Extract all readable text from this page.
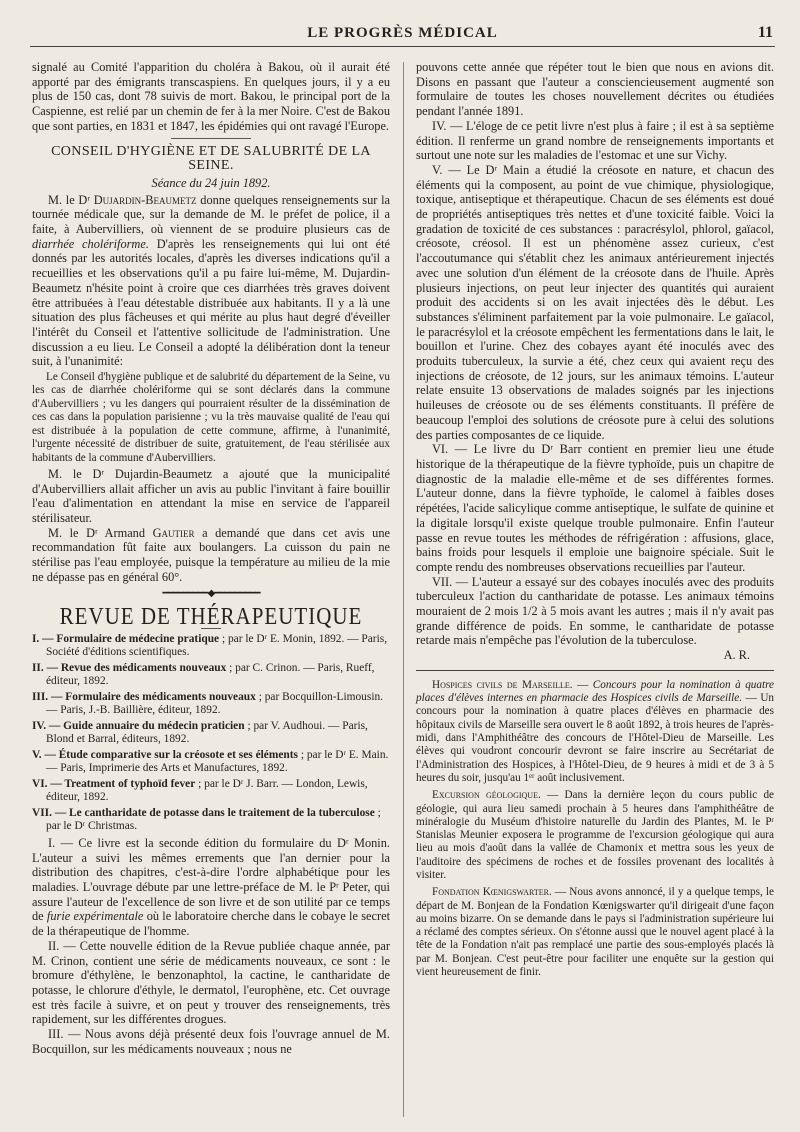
LE PROGRÈS MÉDICAL	11

signalé au Comité l'apparition du choléra à Bakou, où il aurait été apporté par des émigrants transcaspiens. En quelques jours, il y a eu plus de 150 cas, dont 78 suivis de mort. Bakou, le principal port de la Caspienne, est relié par un chemin de fer à la mer Noire. C'est de Bakou que sont parties, en 1831 et 1847, les épidémies qui ont ravagé l'Europe.

CONSEIL D'HYGIÈNE ET DE SALUBRITÉ DE LA SEINE.
Séance du 24 juin 1892.

M. le Dʳ Dujardin-Beaumetz donne quelques renseignements sur la tournée médicale que, sur la demande de M. le préfet de police, il a faite, à Aubervilliers, où viennent de se produire plusieurs cas de diarrhée cholériforme. D'après les renseignements qui lui ont été donnés par les autorités locales, d'après les diverses indications qu'il a recueillies et les observations qu'il a pu faire lui-même, M. Dujardin-Beaumetz n'hésite point à croire que ces diarrhées très graves doivent être attribuées à l'eau détestable distribuée aux habitants. Il y a là une situation des plus fâcheuses et qui mérite au plus haut degré d'éveiller l'intérêt du Conseil et l'attentive sollicitude de l'administration. Une discussion a eu lieu. Le Conseil a adopté la délibération dont la teneur suit, à l'unanimité:

Le Conseil d'hygiène publique et de salubrité du département de la Seine, vu les cas de diarrhée cholériforme qui se sont déclarés dans la commune d'Aubervilliers ; vu les dangers qui pourraient résulter de la dissémination de ces cas dans la population parisienne ; vu la très mauvaise qualité de l'eau qui est distribuée à la population de cette commune, affirme, à l'unanimité, l'urgente nécessité de distribuer de suite, gratuitement, de l'eau stérilisée aux habitants de la commune d'Aubervilliers.

M. le Dʳ Dujardin-Beaumetz a ajouté que la municipalité d'Aubervilliers allait afficher un avis au public l'invitant à faire bouillir l'eau d'alimentation en attendant la mise en service de l'appareil stérilisateur.

M. le Dʳ Armand Gautier a demandé que dans cet avis une recommandation fût faite aux boulangers. La cuisson du pain ne stérilise pas l'eau employée, puisque la température au milieu de la mie ne dépasse pas en général 60°.

━━━━━━━━━◆━━━━━━━━━
REVUE DE THÉRAPEUTIQUE

I. — Formulaire de médecine pratique ; par le Dʳ E. Monin, 1892. — Paris, Société d'éditions scientifiques.

II. — Revue des médicaments nouveaux ; par C. Crinon. — Paris, Rueff, éditeur, 1892.

III. — Formulaire des médicaments nouveaux ; par Bocquillon-Limousin. — Paris, J.-B. Baillière, éditeur, 1892.

IV. — Guide annuaire du médecin praticien ; par V. Audhoui. — Paris, Blond et Barral, éditeurs, 1892.

V. — Étude comparative sur la créosote et ses éléments ; par le Dʳ E. Main. — Paris, Imprimerie des Arts et Manufactures, 1892.

VI. — Treatment of typhoïd fever ; par le Dʳ J. Barr. — London, Lewis, éditeur, 1892.

VII. — Le cantharidate de potasse dans le traitement de la tuberculose ; par le Dʳ Christmas.

I. — Ce livre est la seconde édition du formulaire du Dʳ Monin. L'auteur a suivi les mêmes errements que l'an dernier pour la distribution des chapitres, c'est-à-dire l'ordre alphabétique pour les maladies. L'ouvrage débute par une lettre-préface de M. le Pʳ Peter, qui assure l'auteur de l'excellence de son livre et de son utilité par ce temps de furie expérimentale où le laboratoire cherche dans le cobaye le secret de la thérapeutique de l'homme.

II. — Cette nouvelle édition de la Revue publiée chaque année, par M. Crinon, contient une série de médicaments nouveaux, ce sont : le bromure d'éthylène, le benzonaphtol, la cactine, le cantharidate de potasse, le chlorure d'éthyle, le dermatol, l'europhène, etc. Cet ouvrage est très facile à suivre, et on peut y trouver des renseignements, très rapidement, sur les différentes drogues.

III. — Nous avons déjà présenté deux fois l'ouvrage annuel de M. Bocquillon, sur les médicaments nouveaux ; nous ne

pouvons cette année que répéter tout le bien que nous en avions dit. Disons en passant que l'auteur a consciencieusement augmenté son formulaire de toutes les choses nouvellement décrites ou étudiées pendant l'année 1891.

IV. — L'éloge de ce petit livre n'est plus à faire ; il est à sa septième édition. Il renferme un grand nombre de renseignements importants et surtout une note sur les maladies de l'estomac et une sur Vichy.

V. — Le Dʳ Main a étudié la créosote en nature, et chacun des éléments qui la composent, au point de vue chimique, physiologique, toxique, antiseptique et thérapeutique. Chacun de ses éléments est doué de propriétés antiseptiques très nettes et d'une toxicité faible. Voici la gradation de toxicité de ces substances : paracrésylol, phlorol, gaïacol, créosote, créosol. Il est un phénomène assez curieux, c'est l'accoutumance qui s'établit chez les animaux antérieurement injectés avec une solution d'un élément de la créosote dans de l'huile. Après plusieurs injections, on peut leur injecter des quantités qui auraient produit des accidents si on les avait injectées dès le début. Les substances s'éliminent parfaitement par la voie pulmonaire. Le gaïacol, le paracrésylol et la créosote empêchent les fermentations dans le lait, le bouillon et l'urine. Chez des cobayes ayant été inoculés avec des produits tuberculeux, la survie a été, chez ceux qui avaient reçu des injections de créosote, de 12 jours, sur les animaux témoins. L'auteur relate ensuite 13 observations de malades soignés par les injections huileuses de créosote ou de ses éléments constituants. Il préfère de beaucoup l'emploi des solutions de créosote pure à celui des solutions des parties composantes de ce liquide.

VI. — Le livre du Dʳ Barr contient en premier lieu une étude historique de la thérapeutique de la fièvre typhoïde, puis un chapitre de diagnostic de la maladie elle-même et de ses différentes formes. L'auteur donne, dans la fièvre typhoïde, le calomel à faibles doses répétées, l'acide salicylique comme antiseptique, le sulfate de quinine et la digitale lorsqu'il existe quelque trouble pulmonaire. Enfin l'auteur passe en revue toutes les méthodes de réfrigération : affusions, glace, bains froids pour lesquels il emploie une baignoire spéciale. Suit le compte rendu des nombreuses observations recueillies par l'auteur.

VII. — L'auteur a essayé sur des cobayes inoculés avec des produits tuberculeux l'action du cantharidate de potasse. Les animaux témoins mouraient de 2 mois 1/2 à 5 mois avant les autres ; mais il n'y avait pas grande différence de poids. En somme, le cantharidate de potasse retarde mais n'empêche pas l'évolution de la tuberculose.

A. R.

Hospices civils de Marseille. — Concours pour la nomination à quatre places d'élèves internes en pharmacie des Hospices civils de Marseille. — Un concours pour la nomination à quatre places d'élèves en pharmacie des hôpitaux civils de Marseille sera ouvert le 8 août 1892, à trois heures de l'après-midi, dans l'Amphithéâtre des concours de l'Hôtel-Dieu de Marseille. Les élèves qui voudront concourir devront se faire inscrire au Secrétariat de l'Administration des Hospices, à l'Hôtel-Dieu, de 9 heures à midi et de 3 à 5 heures du soir, jusqu'au 1ᵉʳ août inclusivement.

Excursion géologique. — Dans la dernière leçon du cours public de géologie, qui aura lieu samedi prochain à 5 heures dans l'amphithéâtre de minéralogie du Muséum d'histoire naturelle du Jardin des Plantes, M. le Pʳ Stanislas Meunier exposera le programme de l'excursion géologique qui aura lieu au mois d'août dans la vallée de Chamonix et mettra sous les yeux de l'auditoire des spécimens de roches et de fossiles provenant des localités à visiter.

Fondation Kœnigswarter. — Nous avons annoncé, il y a quelque temps, le départ de M. Bonjean de la Fondation Kœnigswarter qu'il dirigeait d'une façon au moins bizarre. On se demande dans le pays si l'administration supérieure lui a réclamé des comptes sérieux. On s'étonne aussi que le nouvel agent placé à la tête de la Fondation n'ait pas remplacé une partie des sous-employés placés là par M. Bonjean. C'est peut-être pour faciliter une enquête sur la gestion qui vient heureusement de finir.
